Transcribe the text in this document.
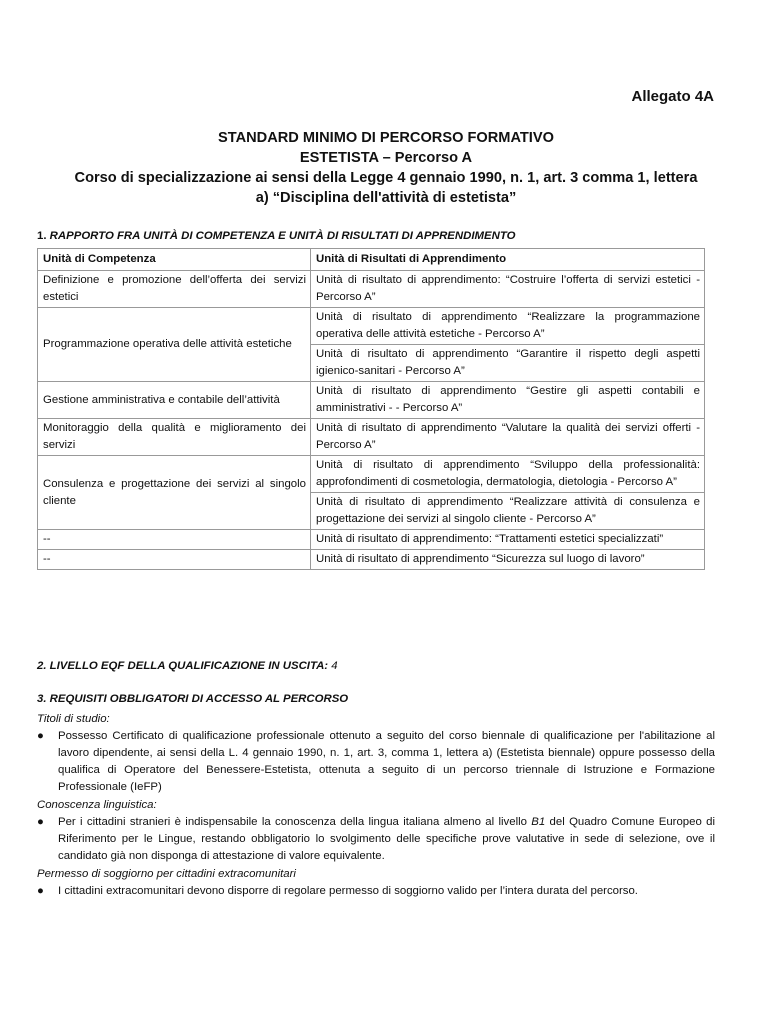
Allegato 4A
STANDARD MINIMO DI PERCORSO FORMATIVO
ESTETISTA – Percorso A
Corso di specializzazione ai sensi della Legge 4 gennaio 1990, n. 1, art. 3 comma 1, lettera
a) “Disciplina dell'attività di estetista”
1. RAPPORTO FRA UNITÀ DI COMPETENZA E UNITÀ DI RISULTATI DI APPRENDIMENTO
Unità di Competenza	Unità di Risultati di Apprendimento
Definizione e promozione dell’offerta dei servizi estetici	Unità di risultato di apprendimento: “Costruire l’offerta di servizi estetici - Percorso A”
Programmazione operativa delle attività estetiche	Unità di risultato di apprendimento “Realizzare la programmazione operativa delle attività estetiche - Percorso A”
	Unità di risultato di apprendimento “Garantire il rispetto degli aspetti igienico-sanitari - Percorso A”
Gestione amministrativa e contabile dell’attività	Unità di risultato di apprendimento “Gestire gli aspetti contabili e amministrativi - - Percorso A”
Monitoraggio della qualità e miglioramento dei servizi	Unità di risultato di apprendimento “Valutare la qualità dei servizi offerti - Percorso A”
Consulenza e progettazione dei servizi al singolo cliente	Unità di risultato di apprendimento “Sviluppo della professionalità: approfondimenti di cosmetologia, dermatologia, dietologia - Percorso A”
	Unità di risultato di apprendimento “Realizzare attività di consulenza e progettazione dei servizi al singolo cliente - Percorso A”
--	Unità di risultato di apprendimento: “Trattamenti estetici specializzati”
--	Unità di risultato di apprendimento “Sicurezza sul luogo di lavoro”
2. LIVELLO EQF DELLA QUALIFICAZIONE IN USCITA: 4
3. REQUISITI OBBLIGATORI DI ACCESSO AL PERCORSO
Titoli di studio:
● Possesso Certificato di qualificazione professionale ottenuto a seguito del corso biennale di qualificazione per l'abilitazione al lavoro dipendente, ai sensi della L. 4 gennaio 1990, n. 1, art. 3, comma 1, lettera a) (Estetista biennale) oppure possesso della qualifica di Operatore del Benessere-Estetista, ottenuta a seguito di un percorso triennale di Istruzione e Formazione Professionale (IeFP)
Conoscenza linguistica:
● Per i cittadini stranieri è indispensabile la conoscenza della lingua italiana almeno al livello B1 del Quadro Comune Europeo di Riferimento per le Lingue, restando obbligatorio lo svolgimento delle specifiche prove valutative in sede di selezione, ove il candidato già non disponga di attestazione di valore equivalente.
Permesso di soggiorno per cittadini extracomunitari
● I cittadini extracomunitari devono disporre di regolare permesso di soggiorno valido per l’intera durata del percorso.
